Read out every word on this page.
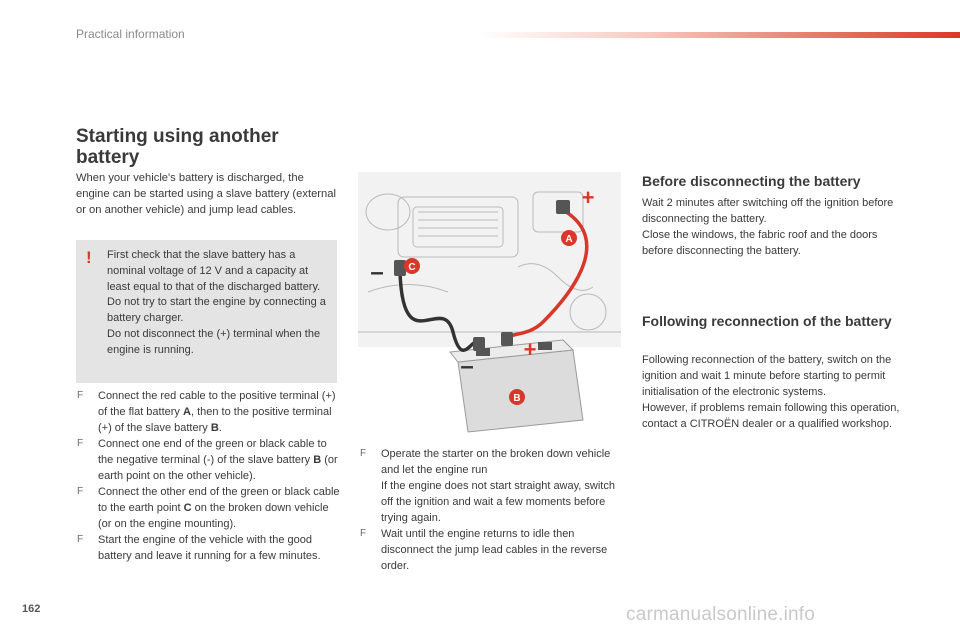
Practical information
Starting using another battery

When your vehicle's battery is discharged, the engine can be started using a slave battery (external or on another vehicle) and jump lead cables.

! First check that the slave battery has a nominal voltage of 12 V and a capacity at least equal to that of the discharged battery.
Do not try to start the engine by connecting a battery charger.
Do not disconnect the (+) terminal when the engine is running.

F Connect the red cable to the positive terminal (+) of the flat battery A, then to the positive terminal (+) of the slave battery B.
F Connect one end of the green or black cable to the negative terminal (-) of the slave battery B (or earth point on the other vehicle).
F Connect the other end of the green or black cable to the earth point C on the broken down vehicle (or on the engine mounting).
F Start the engine of the vehicle with the good battery and leave it running for a few minutes.
A
B
C
+
+
–
–
F Operate the starter on the broken down vehicle and let the engine run
If the engine does not start straight away, switch off the ignition and wait a few moments before trying again.
F Wait until the engine returns to idle then disconnect the jump lead cables in the reverse order.
Before disconnecting the battery

Wait 2 minutes after switching off the ignition before disconnecting the battery.
Close the windows, the fabric roof and the doors before disconnecting the battery.

Following reconnection of the battery

Following reconnection of the battery, switch on the ignition and wait 1 minute before starting to permit initialisation of the electronic systems.
However, if problems remain following this operation, contact a CITROËN dealer or a qualified workshop.

162	carmanualsonline.info
